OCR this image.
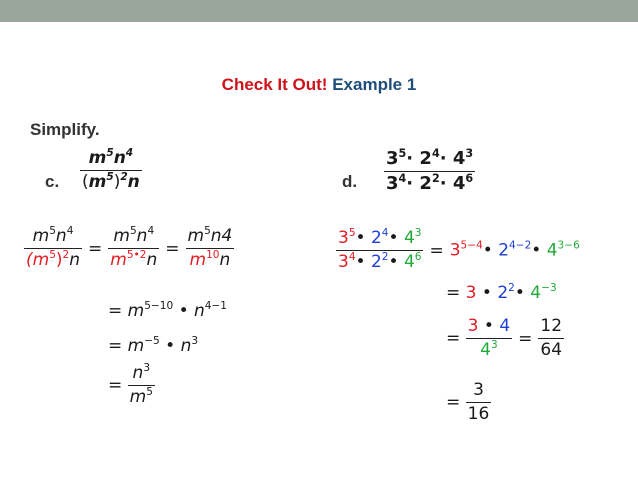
Check It Out! Example 1
Simplify.
c.	d.
$\frac{m^5n^4}{(m^5)^2n}$	$\frac{3^5\cdot 2^4\cdot 4^3}{3^4\cdot 2^2\cdot 4^6}$
$\frac{m^5n^4}{(m^5)^2n} = \frac{m^5n^4}{m^{5•2}n} = \frac{m^5n4}{m^{10}n}$
= $m^{5-10}$ • $n^{4-1}$
= $m^{-5}$ • $n^3$
= $\frac{n^3}{m^5}$
$\frac{3^5• 2^4• 4^3}{3^4• 2^2• 4^6}$ = $3^{5-4}•$ $2^{4-2}•$ $4^{3-6}$
= 3 • $2^2•$ $4^{-3}$
= $\frac{3 • 4}{4^3} = \frac{12}{64}$
= $\frac{3}{16}$
